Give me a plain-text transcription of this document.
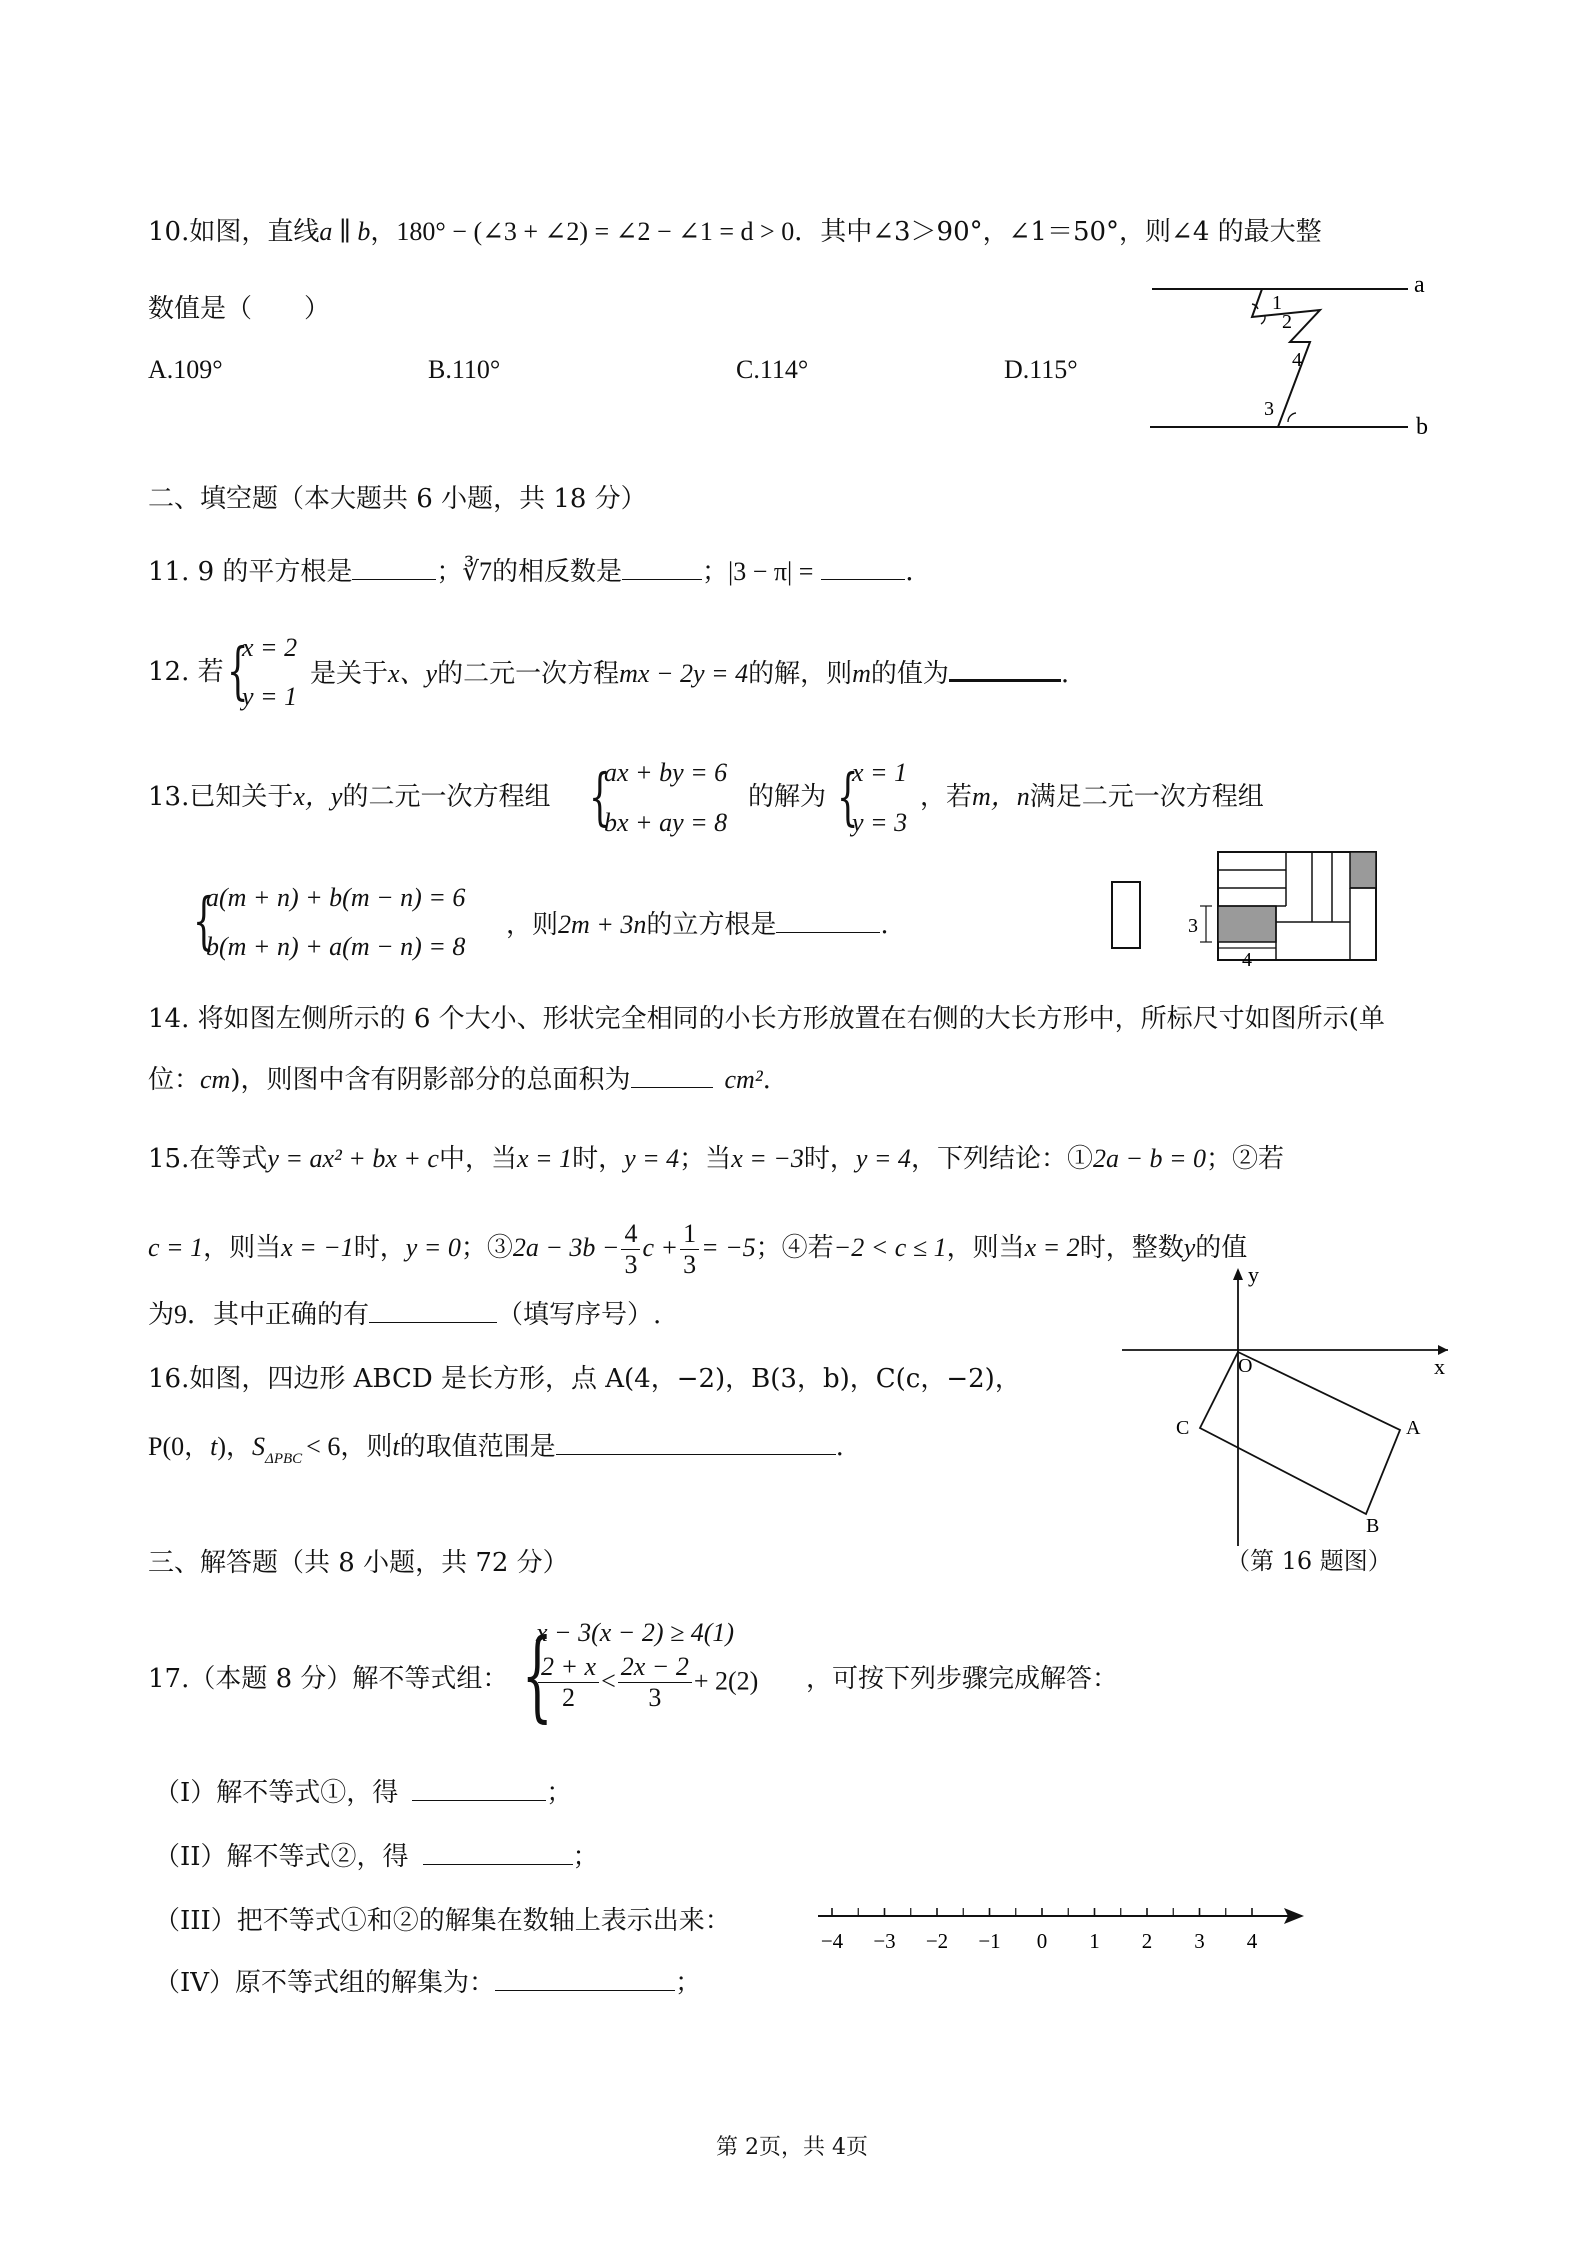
10.如图，直线a ∥ b，180° − (∠3 + ∠2) = ∠2 − ∠1 = d > 0．其中∠3＞90°，∠1＝50°，则∠4 的最大整
数值是（　　）
A.109°	B.110°	C.114°	D.115°
a
b
1
2
4
3
二、填空题（本大题共 6 小题，共 18 分）
11. 9 的平方根是	；∛7的相反数是	；|3 − π| =	．
12. 若 {
x = 2
y = 1
是关于x、y的二元一次方程mx − 2y = 4的解，则m的值为	.
13.已知关于x，y的二元一次方程组 {
ax + by = 6
bx + ay = 8
的解为 {
x = 1
y = 3
，若m，n满足二元一次方程组
{
a(m + n) + b(m − n) = 6
b(m + n) + a(m − n) = 8
，则2m + 3n的立方根是	.	3
4
14. 将如图左侧所示的 6 个大小、形状完全相同的小长方形放置在右侧的大长方形中，所标尺寸如图所示(单
位：cm)，则图中含有阴影部分的总面积为	cm².
15.在等式y = ax² + bx + c中，当x = 1时，y = 4；当x = −3时，y = 4，下列结论：①2a − b = 0；②若
c = 1，则当x = −1时，y = 0；③2a − $3b - \frac{4}{3}$ $c + \frac{1}{3} = -5$；④若−2 < c ≤ 1，则当x = 2时，整数y的值
为9．其中正确的有	（填写序号）.
16.如图，四边形 ABCD 是长方形，点 A(4，−2)，B(3，b)，C(c，−2)，
P(0，t)，$S_{\Delta PBC} < 6$，则t的取值范围是	.
y
x
O
A
B
C
（第 16 题图）
三、解答题（共 8 小题，共 72 分）
17.（本题 8 分）解不等式组： {
x − 3(x − 2) ≥ 4(1)
$\frac{2 + x}{2} < \frac{2x - 2}{3} + 2(2)$ ，可按下列步骤完成解答：
（I）解不等式①，得	；
（II）解不等式②，得	；
（III）把不等式①和②的解集在数轴上表示出来：
（IV）原不等式组的解集为：	；
−4 −3 −2 −1 0 1 2 3 4
第 2页，共 4页
